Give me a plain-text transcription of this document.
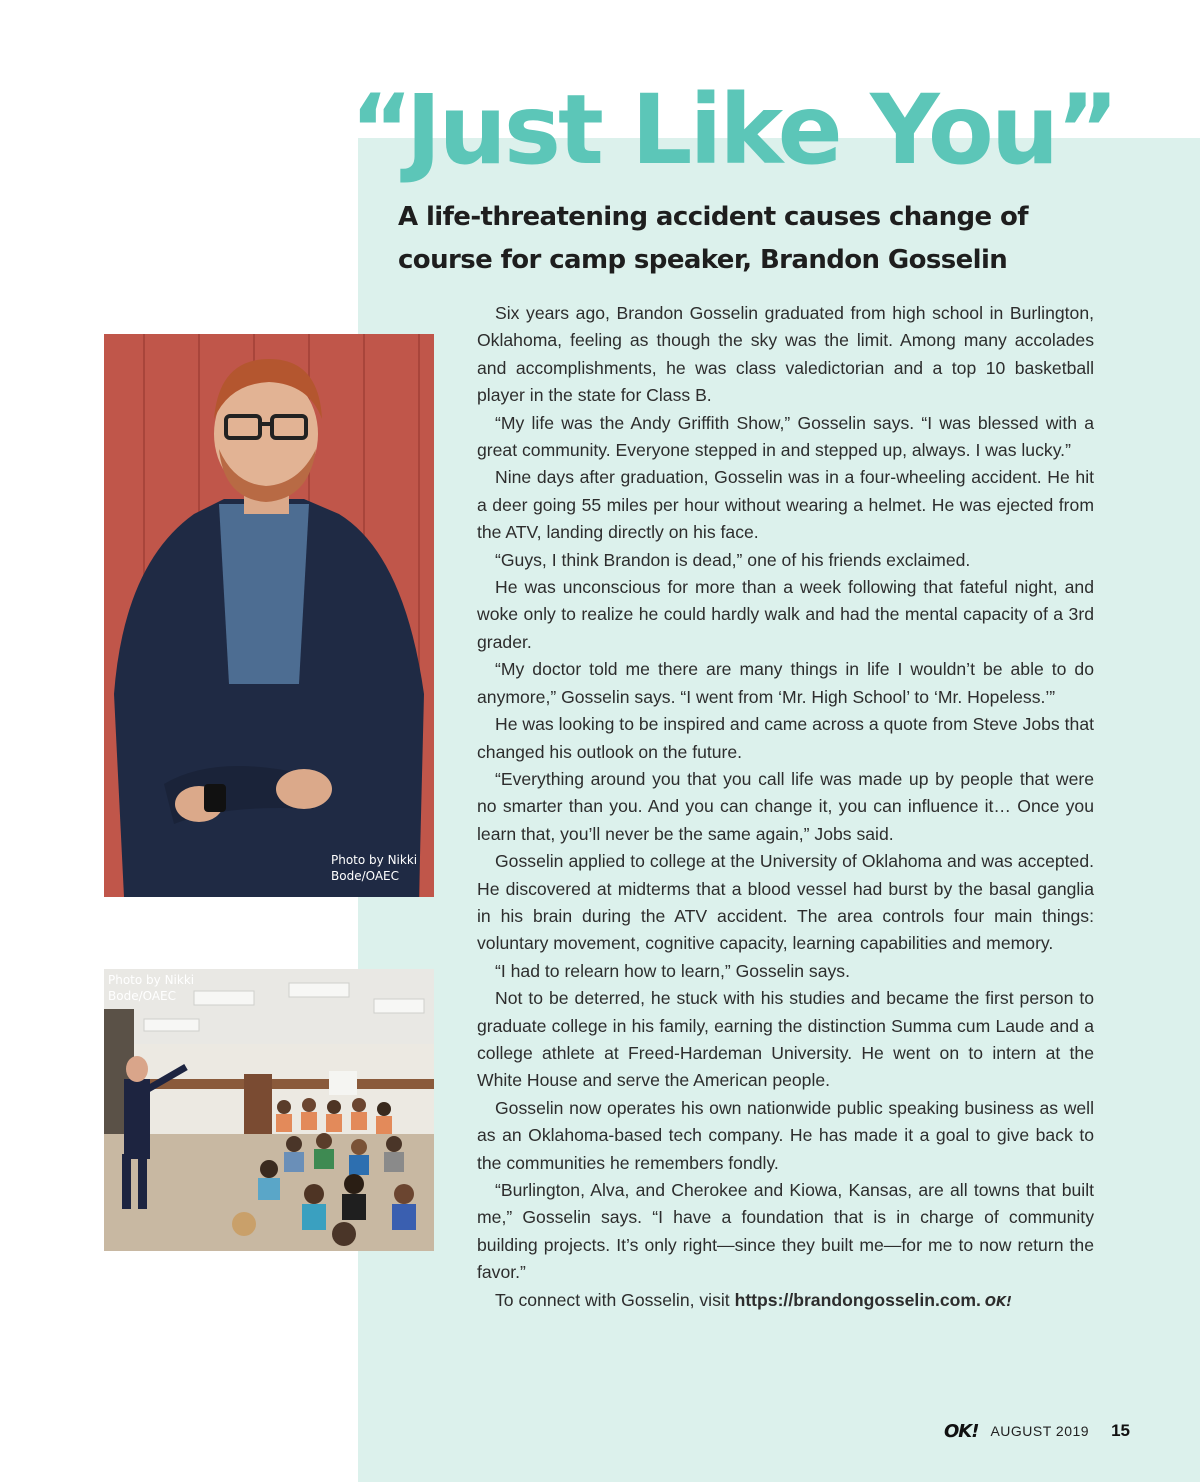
“Just Like You”
A life-threatening accident causes change of course for camp speaker, Brandon Gosselin
Photo by Nikki Bode/OAEC
Photo by Nikki Bode/OAEC

Six years ago, Brandon Gosselin graduated from high school in Burlington, Oklahoma, feeling as though the sky was the limit. Among many accolades and accomplishments, he was class valedictorian and a top 10 basketball player in the state for Class B.

“My life was the Andy Griffith Show,” Gosselin says. “I was blessed with a great community. Everyone stepped in and stepped up, always. I was lucky.”

Nine days after graduation, Gosselin was in a four-wheeling accident. He hit a deer going 55 miles per hour without wearing a helmet. He was ejected from the ATV, landing directly on his face.

“Guys, I think Brandon is dead,” one of his friends exclaimed.

He was unconscious for more than a week following that fateful night, and woke only to realize he could hardly walk and had the mental capacity of a 3rd grader.

“My doctor told me there are many things in life I wouldn’t be able to do anymore,” Gosselin says. “I went from ‘Mr. High School’ to ‘Mr. Hopeless.’”

He was looking to be inspired and came across a quote from Steve Jobs that changed his outlook on the future.

“Everything around you that you call life was made up by people that were no smarter than you. And you can change it, you can influence it… Once you learn that, you’ll never be the same again,” Jobs said.

Gosselin applied to college at the University of Oklahoma and was accepted. He discovered at midterms that a blood vessel had burst by the basal ganglia in his brain during the ATV accident. The area controls four main things: voluntary movement, cognitive capacity, learning capabilities and memory.

“I had to relearn how to learn,” Gosselin says.

Not to be deterred, he stuck with his studies and became the first person to graduate college in his family, earning the distinction Summa cum Laude and a college athlete at Freed-Hardeman University. He went on to intern at the White House and serve the American people.

Gosselin now operates his own nationwide public speaking business as well as an Oklahoma-based tech company. He has made it a goal to give back to the communities he remembers fondly.

“Burlington, Alva, and Cherokee and Kiowa, Kansas, are all towns that built me,” Gosselin says. “I have a foundation that is in charge of community building projects. It’s only right—since they built me—for me to now return the favor.”

To connect with Gosselin, visit https://brandongosselin.com. OK!

OK! AUGUST 2019 15
